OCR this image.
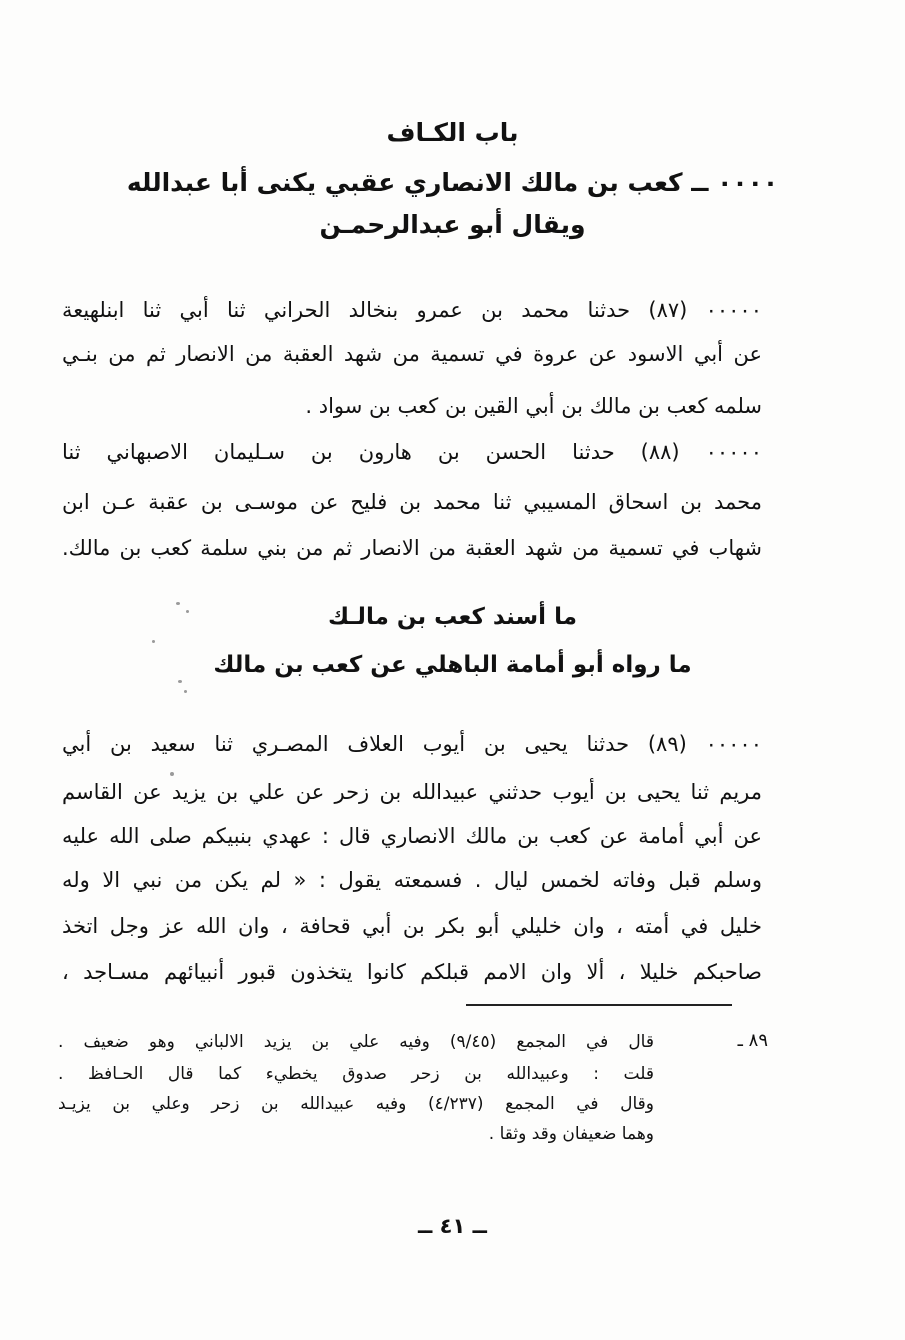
باب الكـاف
٠٠٠٠ ــ كعب بن مالك الانصاري عقبي يكنى أبا عبدالله
ويقال أبو عبدالرحمـن
٠٠٠٠٠ (٨٧) حدثنا محمد بن عمرو بنخالد الحراني ثنا أبي ثنا ابنلهيعة
عن أبي الاسود عن عروة في تسمية من شهد العقبة من الانصار ثم من بنـي
سلمه كعب بن مالك بن أبي القين بن كعب بن سواد .
٠٠٠٠٠ (٨٨) حدثنا الحسن بن هارون بن سـليمان الاصبهاني ثنا
محمد بن اسحاق المسيبي ثنا محمد بن فليح عن موسـى بن عقبة عـن ابن
شهاب في تسمية من شهد العقبة من الانصار ثم من بني سلمة كعب بن مالك.
ما أسند كعب بن مالـك
ما رواه أبو أمامة الباهلي عن كعب بن مالك
٠٠٠٠٠ (٨٩) حدثنا يحيى بن أيوب العلاف المصـري ثنا سعيد بن أبي
مريم ثنا يحيى بن أيوب حدثني عبيدالله بن زحر عن علي بن يزيد عن القاسم
عن أبي أمامة عن كعب بن مالك الانصاري قال : عهدي بنبيكم صلى الله عليه
وسلم قبل وفاته لخمس ليال . فسمعته يقول : « لم يكن من نبي الا وله
خليل في أمته ، وان خليلي أبو بكر بن أبي قحافة ، وان الله عز وجل اتخذ
صاحبكم خليلا ، ألا وان الامم قبلكم كانوا يتخذون قبور أنبيائهم مسـاجد ،
٨٩ ـ
قال في المجمع (٩/٤٥) وفيه علي بن يزيد الالباني وهو ضعيف .
قلت : وعبيدالله بن زحر صدوق يخطيء كما قال الحـافظ .
وقال في المجمع (٤/٢٣٧) وفيه عبيدالله بن زحر وعلي بن يزيـد
وهما ضعيفان وقد وثقا .
ــ ٤١ ــ
